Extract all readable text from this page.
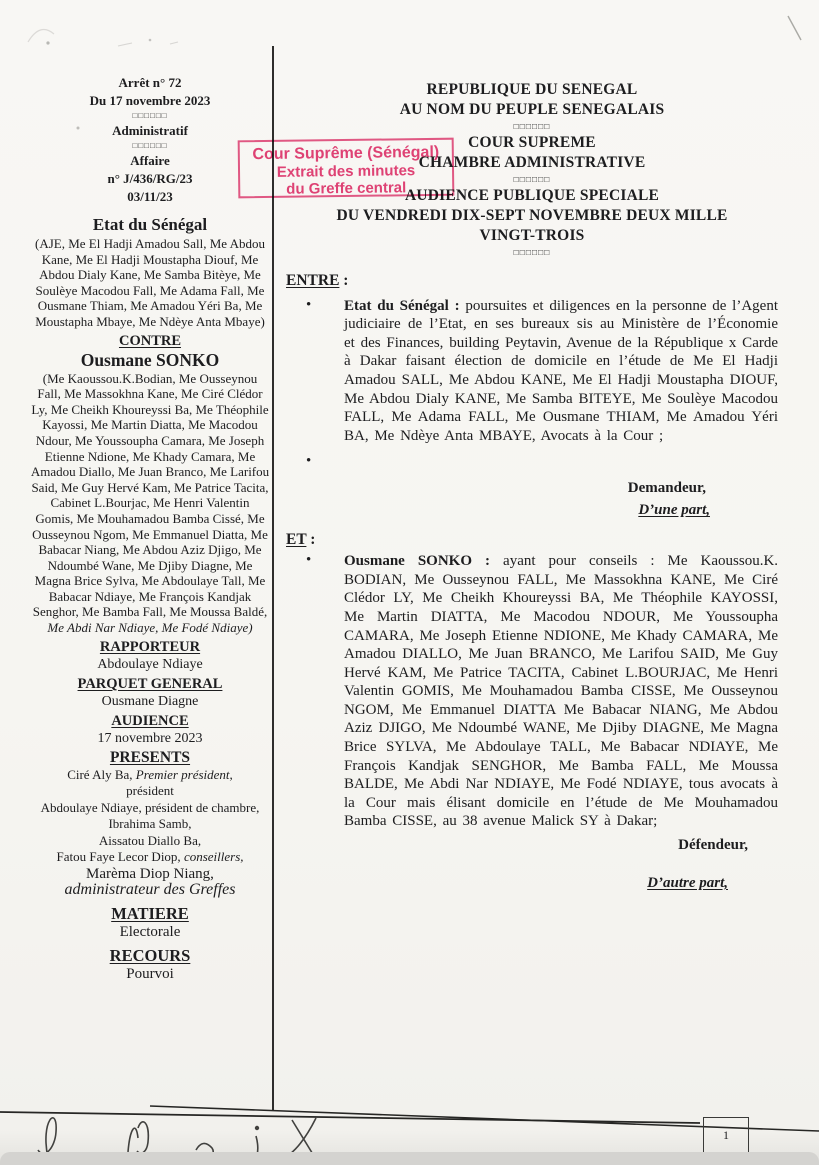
Arrêt n° 72
Du 17 novembre 2023
□□□□□□
Administratif
□□□□□□
Affaire
n° J/436/RG/23
03/11/23
Etat du Sénégal
(AJE, Me El Hadji Amadou Sall, Me Abdou Kane, Me El Hadji Moustapha Diouf, Me Abdou Dialy Kane, Me Samba Bitèye, Me Soulèye Macodou Fall, Me Adama Fall, Me Ousmane Thiam, Me Amadou Yéri Ba, Me Moustapha Mbaye, Me Ndèye Anta Mbaye)
CONTRE
Ousmane SONKO
(Me Kaoussou.K.Bodian, Me Ousseynou Fall, Me Massokhna Kane, Me Ciré Clédor Ly, Me Cheikh Khoureyssi Ba, Me Théophile Kayossi, Me Martin Diatta, Me Macodou Ndour, Me Youssoupha Camara, Me Joseph Etienne Ndione, Me Khady Camara, Me Amadou Diallo, Me Juan Branco, Me Larifou Said, Me Guy Hervé Kam, Me Patrice Tacita, Cabinet L.Bourjac, Me Henri Valentin Gomis, Me Mouhamadou Bamba Cissé, Me Ousseynou Ngom, Me Emmanuel Diatta, Me Babacar Niang, Me Abdou Aziz Djigo, Me Ndoumbé Wane, Me Djiby Diagne, Me Magna Brice Sylva, Me Abdoulaye Tall, Me Babacar Ndiaye, Me François Kandjak Senghor, Me Bamba Fall, Me Moussa Baldé, Me Abdi Nar Ndiaye, Me Fodé Ndiaye)
RAPPORTEUR
Abdoulaye Ndiaye
PARQUET GENERAL
Ousmane Diagne
AUDIENCE
17 novembre 2023
PRESENTS

Ciré Aly Ba, Premier président,

président

Abdoulaye Ndiaye, président de chambre,

Ibrahima Samb,

Aissatou Diallo Ba,

Fatou Faye Lecor Diop, conseillers,

Marèma Diop Niang,

administrateur des Greffes

MATIERE
Electorale
RECOURS
Pourvoi
REPUBLIQUE DU SENEGAL
AU NOM DU PEUPLE SENEGALAIS
□□□□□□
COUR SUPREME
CHAMBRE ADMINISTRATIVE
□□□□□□
AUDIENCE PUBLIQUE SPECIALE
DU VENDREDI DIX-SEPT NOVEMBRE DEUX MILLE
VINGT-TROIS
□□□□□□
ENTRE :
• Etat du Sénégal : poursuites et diligences en la personne de l’Agent judiciaire de l’Etat, en ses bureaux sis au Ministère de l’Économie et des Finances, building Peytavin, Avenue de la République x Carde à Dakar faisant élection de domicile en l’étude de Me El Hadji Amadou SALL, Me Abdou KANE, Me El Hadji Moustapha DIOUF, Me Abdou Dialy KANE, Me Samba BITEYE, Me Soulèye Macodou FALL, Me Adama FALL, Me Ousmane THIAM, Me Amadou Yéri BA, Me Ndèye Anta MBAYE, Avocats à la Cour ;
•
Demandeur,
D’une part,
ET :
• Ousmane SONKO : ayant pour conseils : Me Kaoussou.K. BODIAN, Me Ousseynou FALL, Me Massokhna KANE, Me Ciré Clédor LY, Me Cheikh Khoureyssi BA, Me Théophile KAYOSSI, Me Martin DIATTA, Me Macodou NDOUR, Me Youssoupha CAMARA, Me Joseph Etienne NDIONE, Me Khady CAMARA, Me Amadou DIALLO, Me Juan BRANCO, Me Larifou SAID, Me Guy Hervé KAM, Me Patrice TACITA, Cabinet L.BOURJAC, Me Henri Valentin GOMIS, Me Mouhamadou Bamba CISSE, Me Ousseynou NGOM, Me Emmanuel DIATTA Me Babacar NIANG, Me Abdou Aziz DJIGO, Me Ndoumbé WANE, Me Djiby DIAGNE, Me Magna Brice SYLVA, Me Abdoulaye TALL, Me Babacar NDIAYE, Me François Kandjak SENGHOR, Me Bamba FALL, Me Moussa BALDE, Me Abdi Nar NDIAYE, Me Fodé NDIAYE, tous avocats à la Cour mais élisant domicile en l’étude de Me Mouhamadou Bamba CISSE, au 38 avenue Malick SY à Dakar;
Défendeur,
D’autre part,
Cour Suprême (Sénégal)
Extrait des minutes
du Greffe central
1
